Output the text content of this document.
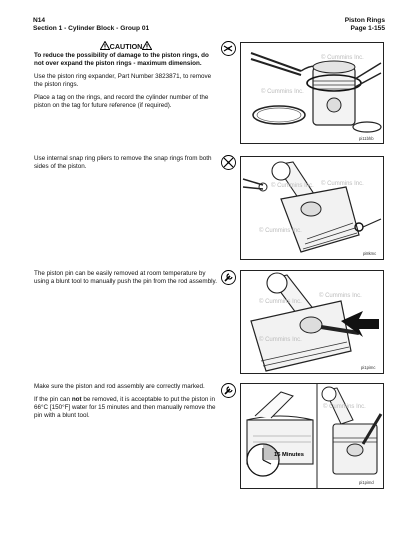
N14
Section 1 - Cylinder Block - Group 01
Piston Rings
Page 1-155
CAUTION

To reduce the possibility of damage to the piston rings, do not over expand the piston rings - maximum dimension.

Use the piston ring expander, Part Number 3823871, to remove the piston rings.

Place a tag on the rings, and record the cylinder number of the piston on the tag for future reference (if required).

© Cummins Inc.
© Cummins Inc.
pi11bhb

Use internal snap ring pliers to remove the snap rings from both sides of the piston.

© Cummins Inc. © Cummins Inc.
© Cummins Inc.
pi8kmc

The piston pin can be easily removed at room temperature by using a blunt tool to manually push the pin from the rod assembly.

© Cummins Inc.
© Cummins Inc.
© Cummins Inc.
pi1pimc

Make sure the piston and rod assembly are correctly marked.

If the pin can not be removed, it is acceptable to put the piston in 66°C [150°F] water for 15 minutes and then manually remove the pin with a blunt tool.

15 Minutes
© Cummins Inc.
pi1pimd
